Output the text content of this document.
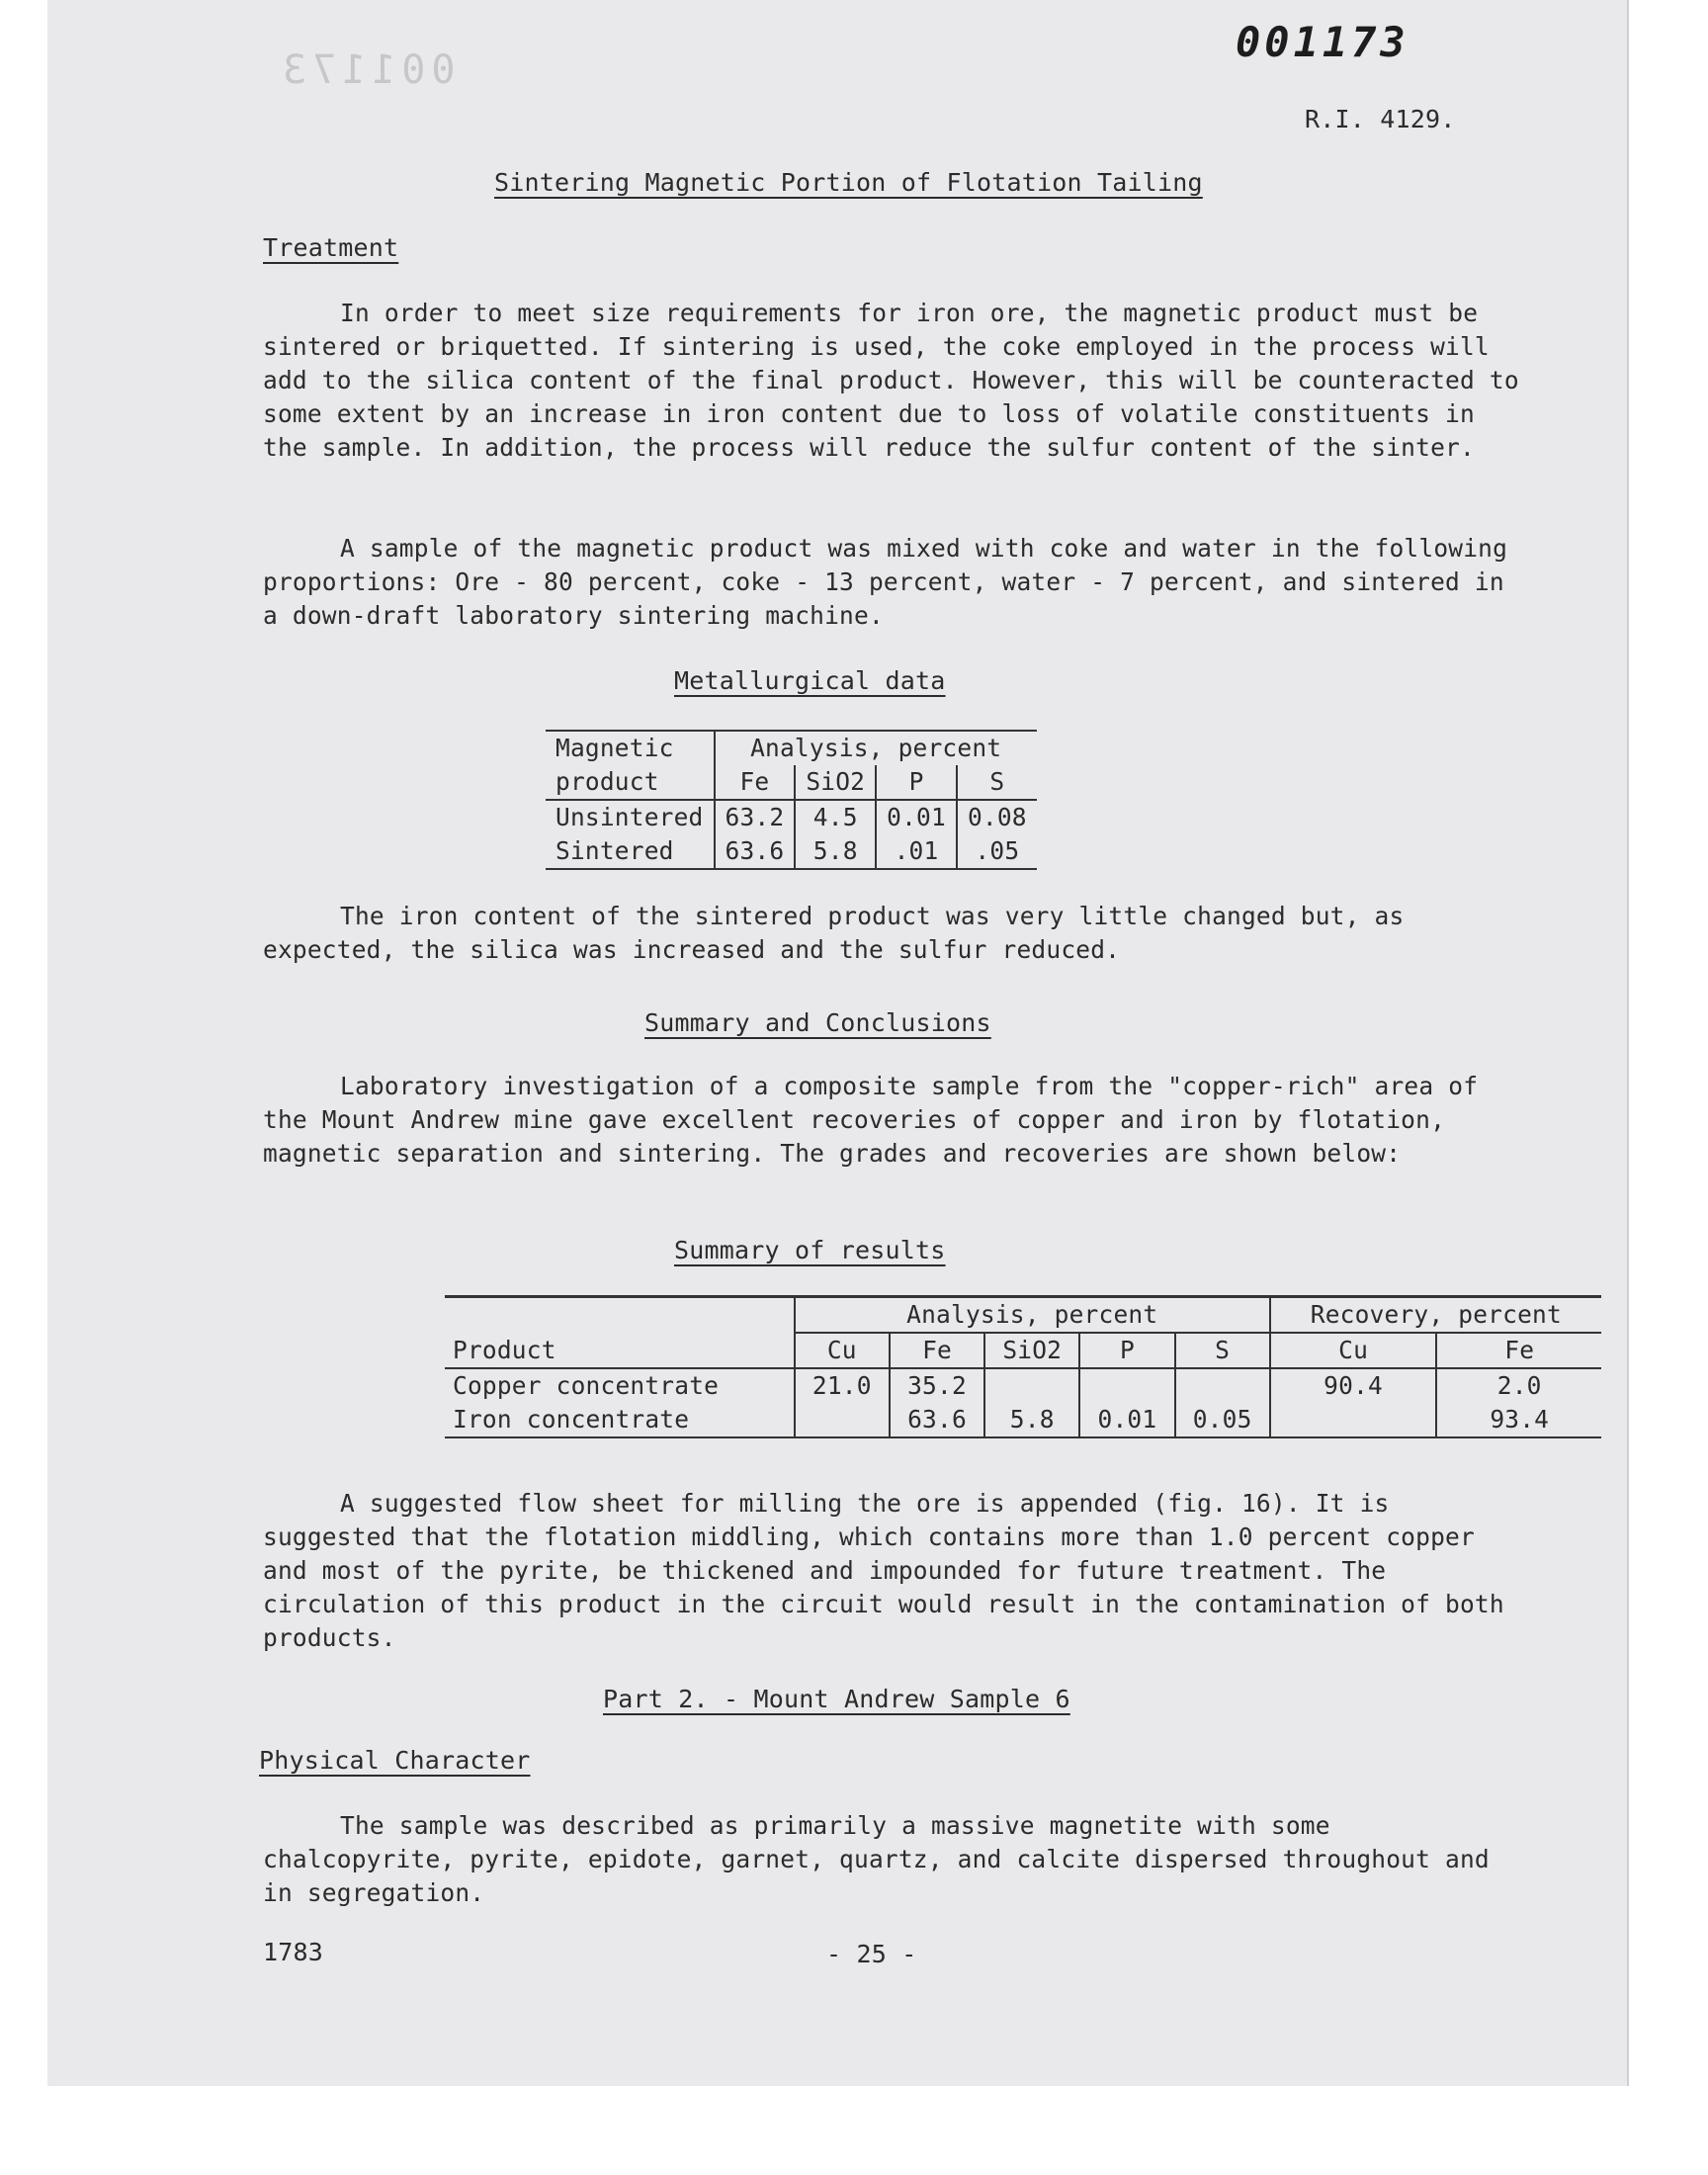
001173
001173
R.I. 4129.
Sintering Magnetic Portion of Flotation Tailing
Treatment

In order to meet size requirements for iron ore, the magnetic product must be sintered or briquetted. If sintering is used, the coke employed in the process will add to the silica content of the final product. However, this will be counteracted to some extent by an increase in iron content due to loss of volatile constituents in the sample. In addition, the process will reduce the sulfur content of the sinter.

A sample of the magnetic product was mixed with coke and water in the following proportions: Ore - 80 percent, coke - 13 percent, water - 7 percent, and sintered in a down-draft laboratory sintering machine.

Metallurgical data
Magnetic	Analysis, percent			
product	Fe	SiO2	P	S
Unsintered	63.2	4.5	0.01	0.08
Sintered	63.6	5.8	.01	.05

The iron content of the sintered product was very little changed but, as expected, the silica was increased and the sulfur reduced.

Summary and Conclusions

Laboratory investigation of a composite sample from the "copper-rich" area of the Mount Andrew mine gave excellent recoveries of copper and iron by flotation, magnetic separation and sintering. The grades and recoveries are shown below:

Summary of results
Product	Analysis, percent					Recovery, percent	
	Cu	Fe	SiO2	P	S	Cu	Fe
Copper concentrate	21.0	35.2				90.4	2.0
Iron concentrate		63.6	5.8	0.01	0.05		93.4

A suggested flow sheet for milling the ore is appended (fig. 16). It is suggested that the flotation middling, which contains more than 1.0 percent copper and most of the pyrite, be thickened and impounded for future treatment. The circulation of this product in the circuit would result in the contamination of both products.

Part 2. - Mount Andrew Sample 6
Physical Character

The sample was described as primarily a massive magnetite with some chalcopyrite, pyrite, epidote, garnet, quartz, and calcite dispersed throughout and in segregation.

1783	- 25 -
